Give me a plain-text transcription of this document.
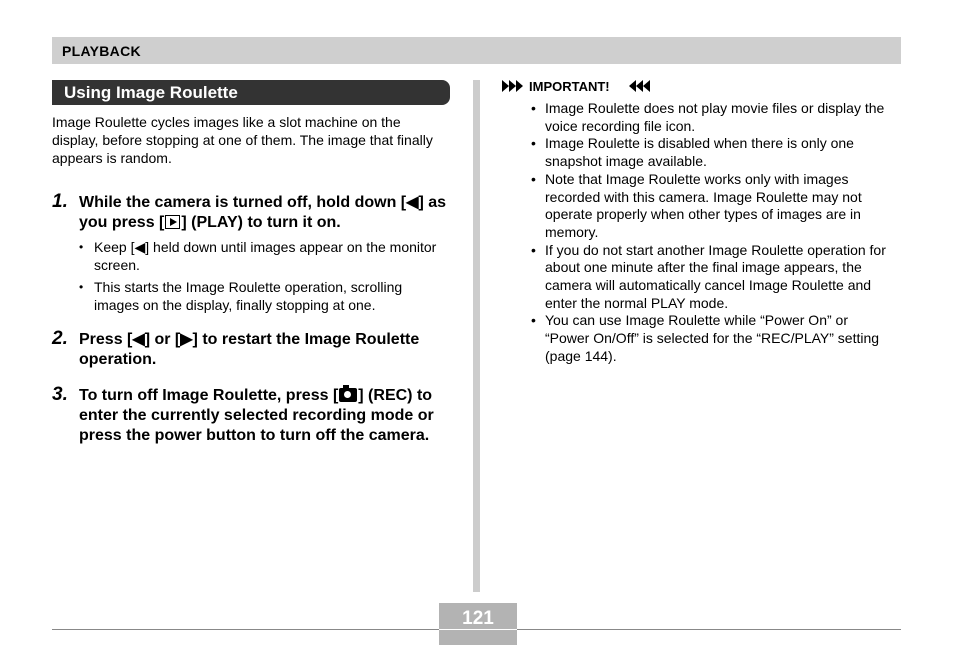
PLAYBACK
Using Image Roulette

Image Roulette cycles images like a slot machine on the display, before stopping at one of them. The image that finally appears is random.

1. While the camera is turned off, hold down [◀] as you press [ ] (PLAY) to turn it on.

• Keep [◀] held down until images appear on the monitor screen.
• This starts the Image Roulette operation, scrolling images on the display, finally stopping at one.
2. Press [◀] or [▶] to restart the Image Roulette operation.

3. To turn off Image Roulette, press [ ] (REC) to enter the currently selected recording mode or press the power button to turn off the camera.

IMPORTANT!
• Image Roulette does not play movie files or display the voice recording file icon.
• Image Roulette is disabled when there is only one snapshot image available.
• Note that Image Roulette works only with images recorded with this camera. Image Roulette may not operate properly when other types of images are in memory.
• If you do not start another Image Roulette operation for about one minute after the final image appears, the camera will automatically cancel Image Roulette and enter the normal PLAY mode.
• You can use Image Roulette while “Power On” or “Power On/Off” is selected for the “REC/PLAY” setting (page 144).
121
